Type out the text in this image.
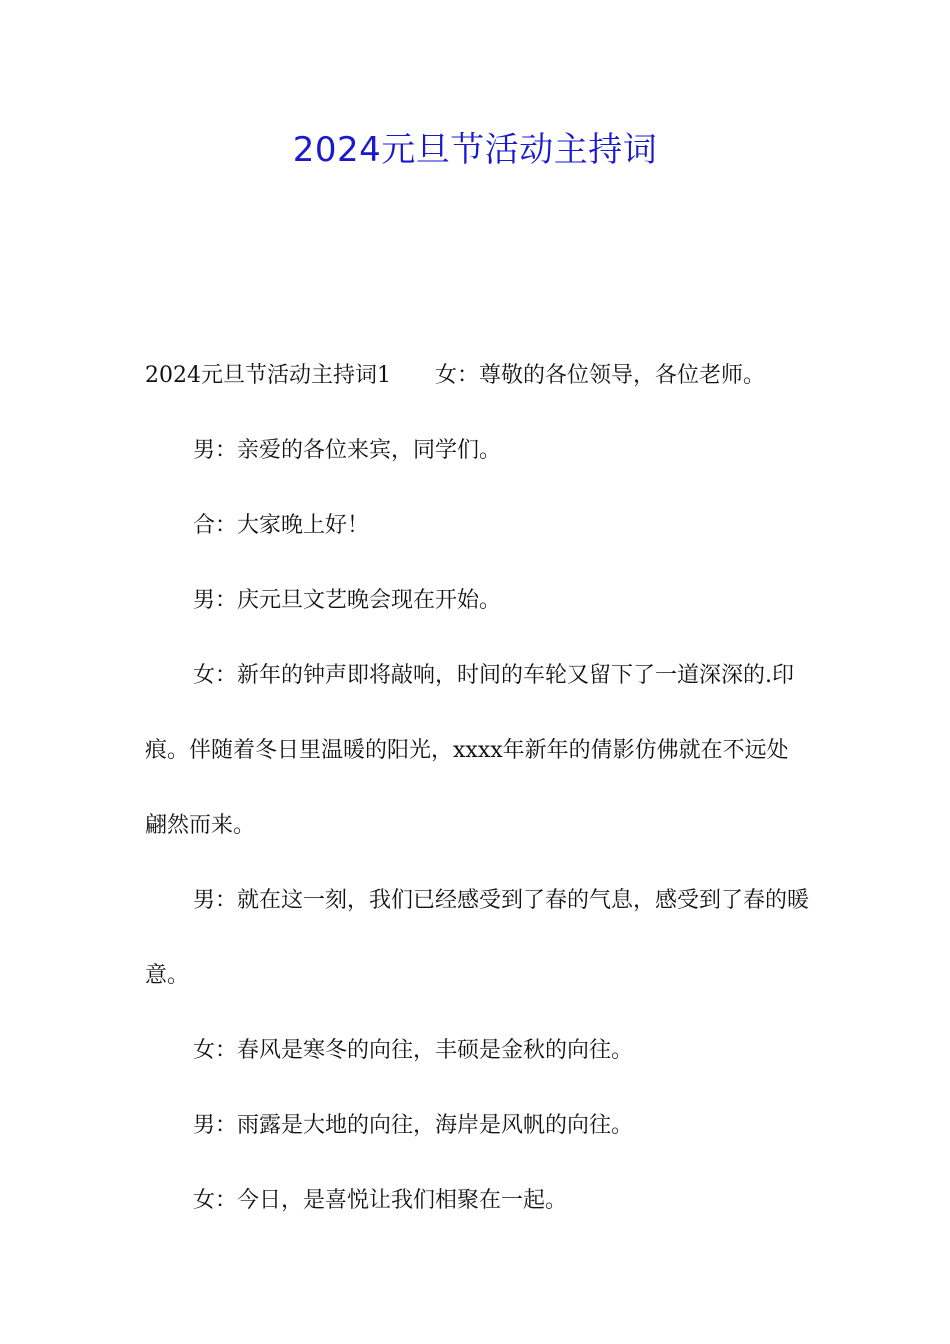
2024元旦节活动主持词

2024元旦节活动主持词1　　 女：尊敬的各位领导，各位老师。

男：亲爱的各位来宾，同学们。

合：大家晚上好！

男：庆元旦文艺晚会现在开始。

女：新年的钟声即将敲响，时间的车轮又留下了一道深深的.印痕。伴随着冬日里温暖的阳光，xxxx年新年的倩影仿佛就在不远处翩然而来。

男：就在这一刻，我们已经感受到了春的气息，感受到了春的暖意。

女：春风是寒冬的向往，丰硕是金秋的向往。

男：雨露是大地的向往，海岸是风帆的向往。

女：今日，是喜悦让我们相聚在一起。
